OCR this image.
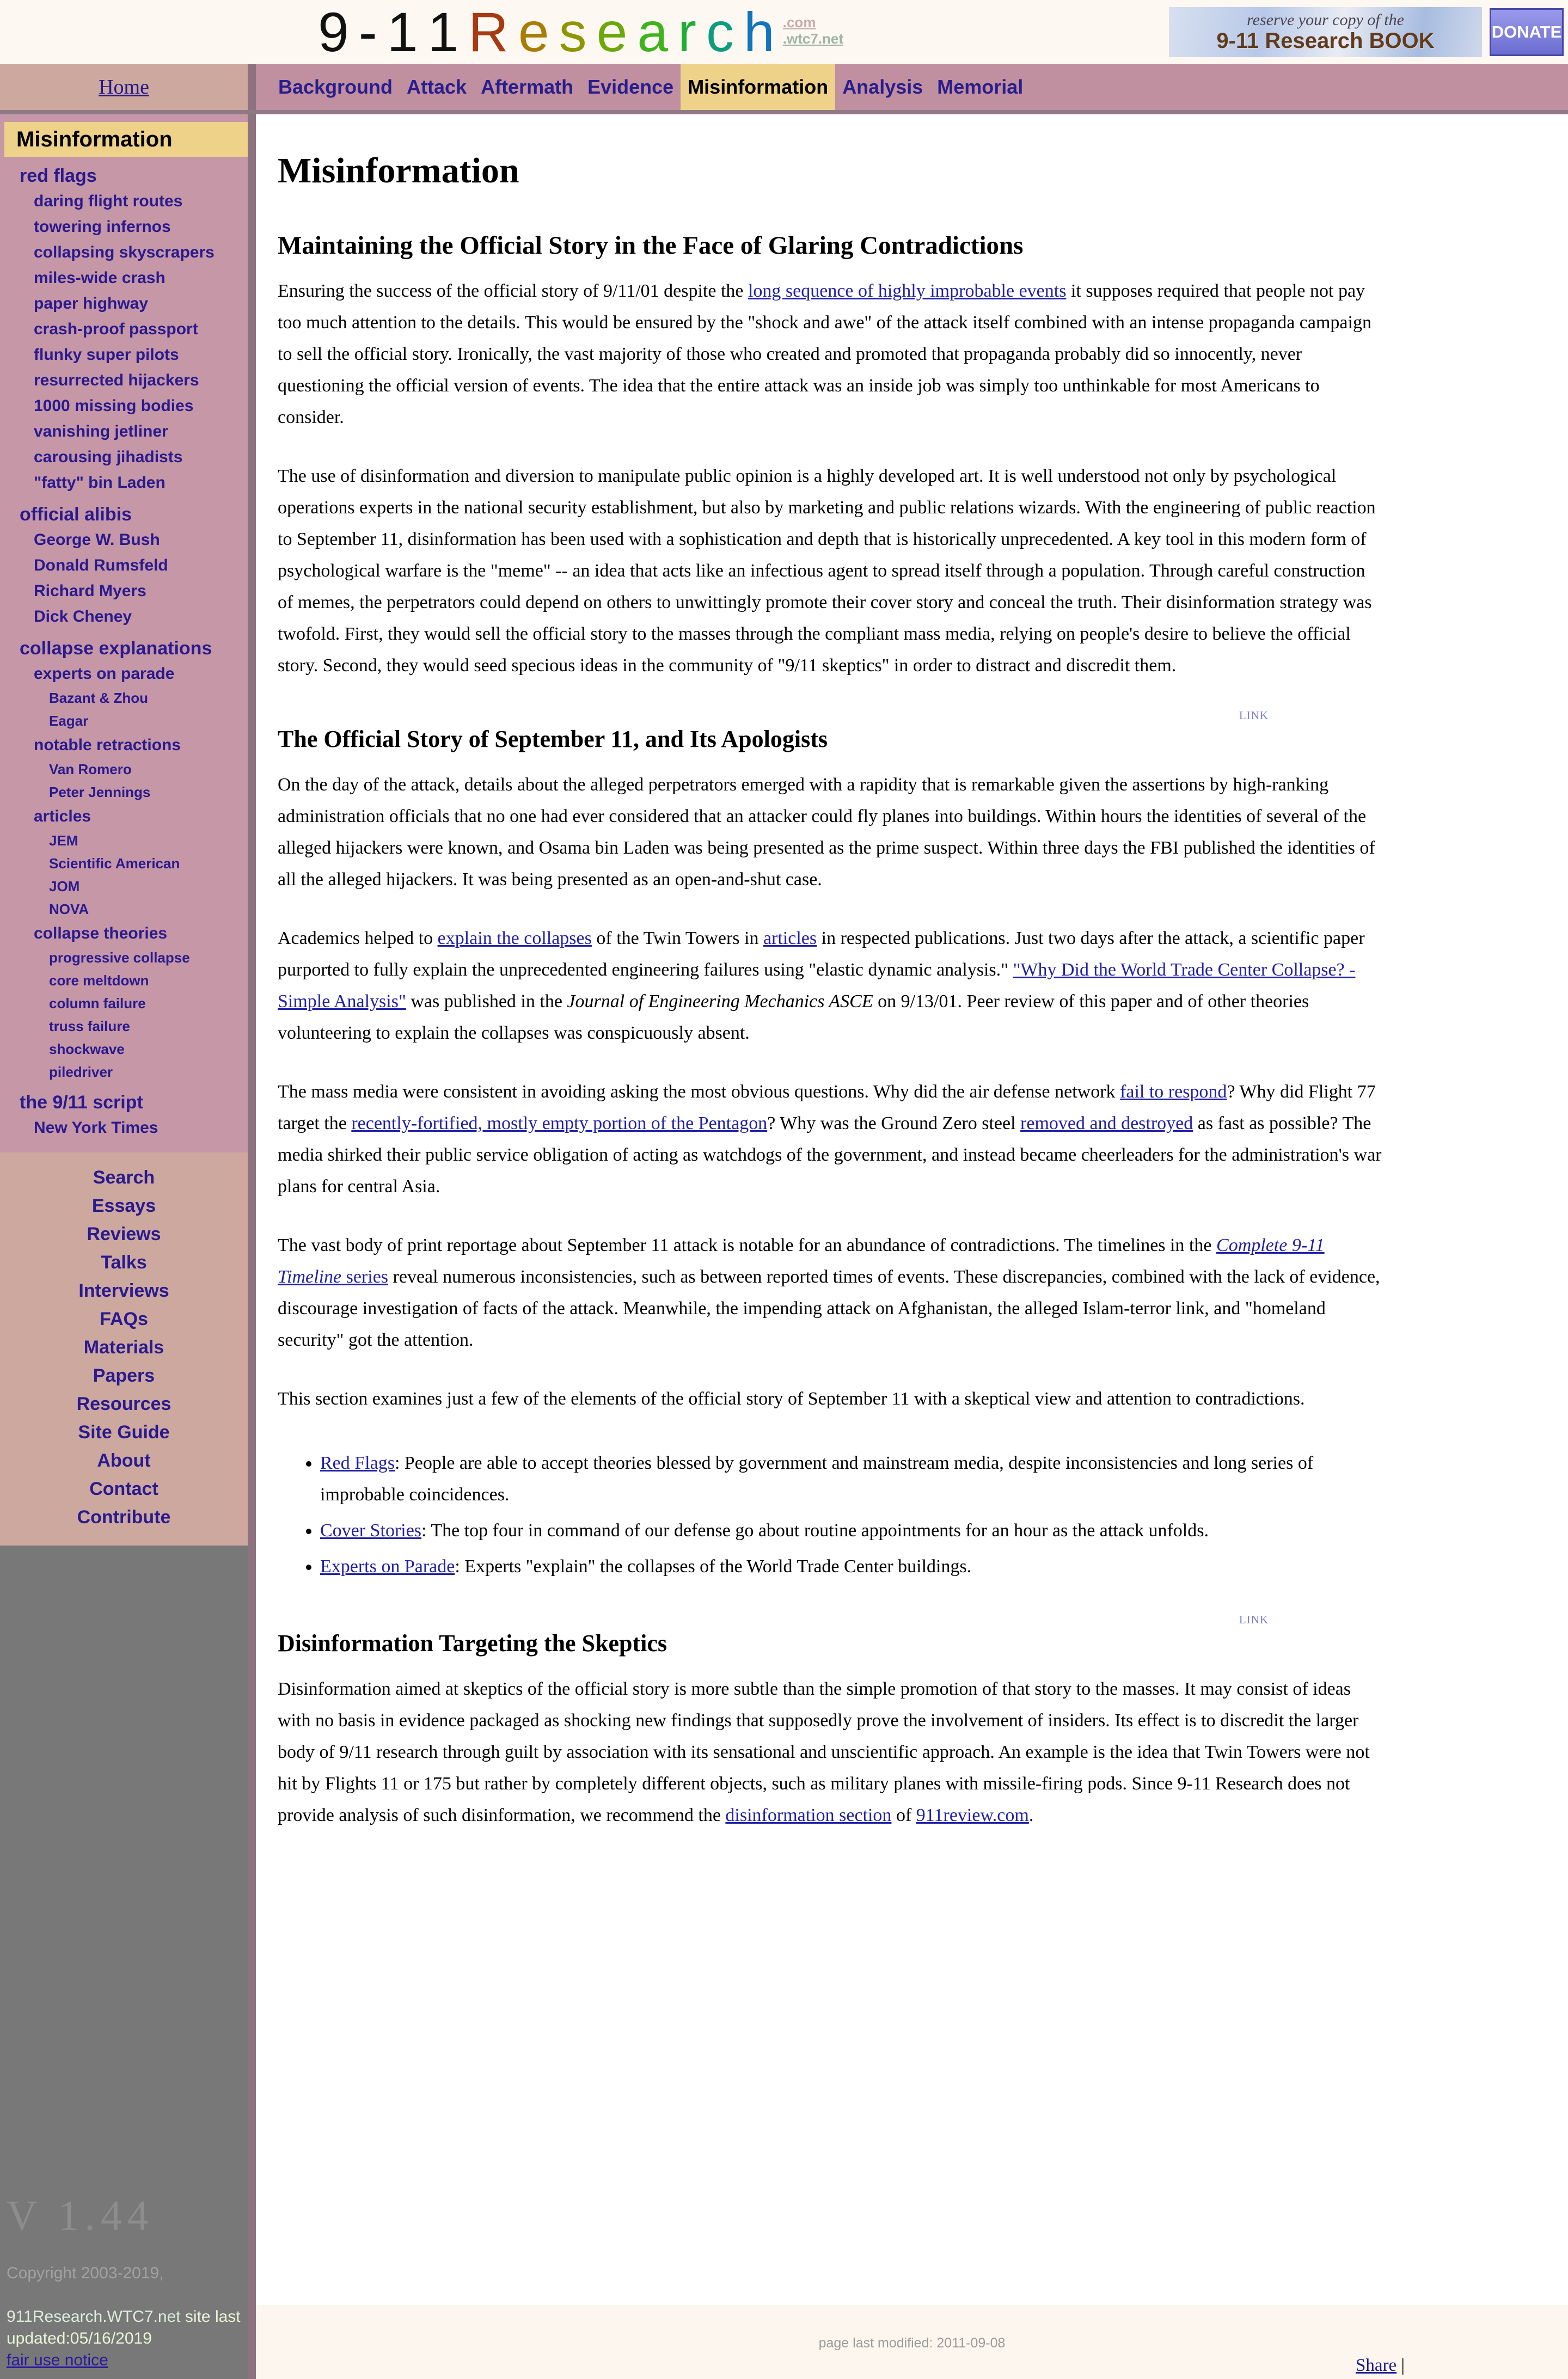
9 - 1 1 R e s e a r c h .com
.wtc7.net
reserve your copy of the
9-11 Research BOOK	DONATE
Home	Background Attack Aftermath Evidence Misinformation Analysis Memorial
Misinformation
red flags
daring flight routes
towering infernos
collapsing skyscrapers
miles-wide crash
paper highway
crash-proof passport
flunky super pilots
resurrected hijackers
1000 missing bodies
vanishing jetliner
carousing jihadists
"fatty" bin Laden
official alibis
George W. Bush
Donald Rumsfeld
Richard Myers
Dick Cheney
collapse explanations
experts on parade
Bazant & Zhou
Eagar
notable retractions
Van Romero
Peter Jennings
articles
JEM
Scientific American
JOM
NOVA
collapse theories
progressive collapse
core meltdown
column failure
truss failure
shockwave
piledriver
the 9/11 script
New York Times
Search
Essays
Reviews
Talks
Interviews
FAQs
Materials
Papers
Resources
Site Guide
About
Contact
Contribute
V 1.44
Copyright 2003-2019,
911Research.WTC7.net site last updated:05/16/2019
fair use notice
Misinformation
Maintaining the Official Story in the Face of Glaring Contradictions

Ensuring the success of the official story of 9/11/01 despite the long sequence of highly improbable events it supposes required that people not pay too much attention to the details. This would be ensured by the "shock and awe" of the attack itself combined with an intense propaganda campaign to sell the official story. Ironically, the vast majority of those who created and promoted that propaganda probably did so innocently, never questioning the official version of events. The idea that the entire attack was an inside job was simply too unthinkable for most Americans to consider.

The use of disinformation and diversion to manipulate public opinion is a highly developed art. It is well understood not only by psychological operations experts in the national security establishment, but also by marketing and public relations wizards. With the engineering of public reaction to September 11, disinformation has been used with a sophistication and depth that is historically unprecedented. A key tool in this modern form of psychological warfare is the "meme" -- an idea that acts like an infectious agent to spread itself through a population. Through careful construction of memes, the perpetrators could depend on others to unwittingly promote their cover story and conceal the truth. Their disinformation strategy was twofold. First, they would sell the official story to the masses through the compliant mass media, relying on people's desire to believe the official story. Second, they would seed specious ideas in the community of "9/11 skeptics" in order to distract and discredit them.

LINK
The Official Story of September 11, and Its Apologists

On the day of the attack, details about the alleged perpetrators emerged with a rapidity that is remarkable given the assertions by high-ranking administration officials that no one had ever considered that an attacker could fly planes into buildings. Within hours the identities of several of the alleged hijackers were known, and Osama bin Laden was being presented as the prime suspect. Within three days the FBI published the identities of all the alleged hijackers. It was being presented as an open-and-shut case.

Academics helped to explain the collapses of the Twin Towers in articles in respected publications. Just two days after the attack, a scientific paper purported to fully explain the unprecedented engineering failures using "elastic dynamic analysis." "Why Did the World Trade Center Collapse? - Simple Analysis" was published in the Journal of Engineering Mechanics ASCE on 9/13/01. Peer review of this paper and of other theories volunteering to explain the collapses was conspicuously absent.

The mass media were consistent in avoiding asking the most obvious questions. Why did the air defense network fail to respond? Why did Flight 77 target the recently-fortified, mostly empty portion of the Pentagon? Why was the Ground Zero steel removed and destroyed as fast as possible? The media shirked their public service obligation of acting as watchdogs of the government, and instead became cheerleaders for the administration's war plans for central Asia.

The vast body of print reportage about September 11 attack is notable for an abundance of contradictions. The timelines in the Complete 9-11 Timeline series reveal numerous inconsistencies, such as between reported times of events. These discrepancies, combined with the lack of evidence, discourage investigation of facts of the attack. Meanwhile, the impending attack on Afghanistan, the alleged Islam-terror link, and "homeland security" got the attention.

This section examines just a few of the elements of the official story of September 11 with a skeptical view and attention to contradictions.

• Red Flags: People are able to accept theories blessed by government and mainstream media, despite inconsistencies and long series of improbable coincidences.
• Cover Stories: The top four in command of our defense go about routine appointments for an hour as the attack unfolds.
• Experts on Parade: Experts "explain" the collapses of the World Trade Center buildings.
LINK
Disinformation Targeting the Skeptics

Disinformation aimed at skeptics of the official story is more subtle than the simple promotion of that story to the masses. It may consist of ideas with no basis in evidence packaged as shocking new findings that supposedly prove the involvement of insiders. Its effect is to discredit the larger body of 9/11 research through guilt by association with its sensational and unscientific approach. An example is the idea that Twin Towers were not hit by Flights 11 or 175 but rather by completely different objects, such as military planes with missile-firing pods. Since 9-11 Research does not provide analysis of such disinformation, we recommend the disinformation section of 911review.com.

page last modified: 2011-09-08
Share |
